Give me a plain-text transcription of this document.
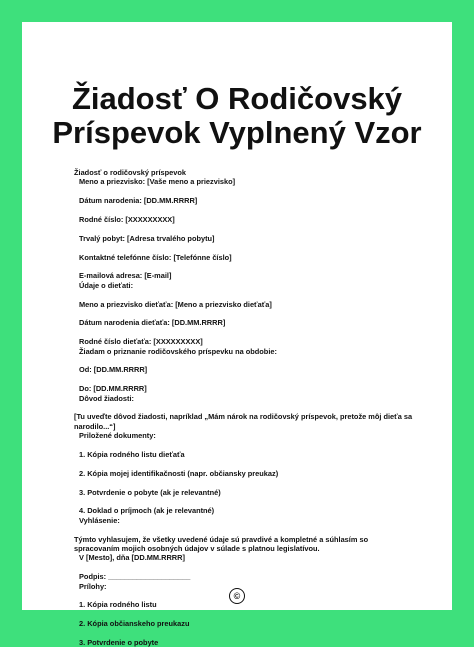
Žiadosť O Rodičovský
Príspevok Vyplnený Vzor
Žiadosť o rodičovský príspevok
Meno a priezvisko: [Vaše meno a priezvisko]
Dátum narodenia: [DD.MM.RRRR]
Rodné číslo: [XXXXXXXXX]
Trvalý pobyt: [Adresa trvalého pobytu]
Kontaktné telefónne číslo: [Telefónne číslo]
E-mailová adresa: [E-mail]
Údaje o dieťati:
Meno a priezvisko dieťaťa: [Meno a priezvisko dieťaťa]
Dátum narodenia dieťaťa: [DD.MM.RRRR]
Rodné číslo dieťaťa: [XXXXXXXXX]
Žiadam o priznanie rodičovského príspevku na obdobie:
Od: [DD.MM.RRRR]
Do: [DD.MM.RRRR]
Dôvod žiadosti:
[Tu uveďte dôvod žiadosti, napríklad „Mám nárok na rodičovský príspevok, pretože môj dieťa sa narodilo...“]
Priložené dokumenty:
1. Kópia rodného listu dieťaťa
2. Kópia mojej identifikačnosti (napr. občiansky preukaz)
3. Potvrdenie o pobyte (ak je relevantné)
4. Doklad o príjmoch (ak je relevantné)
Vyhlásenie:
Týmto vyhlasujem, že všetky uvedené údaje sú pravdivé a kompletné a súhlasím so spracovaním mojich osobných údajov v súlade s platnou legislatívou.
V [Mesto], dňa [DD.MM.RRRR]
Podpis: ____________________
Prílohy:
1. Kópia rodného listu
2. Kópia občianskeho preukazu
3. Potvrdenie o pobyte
©
